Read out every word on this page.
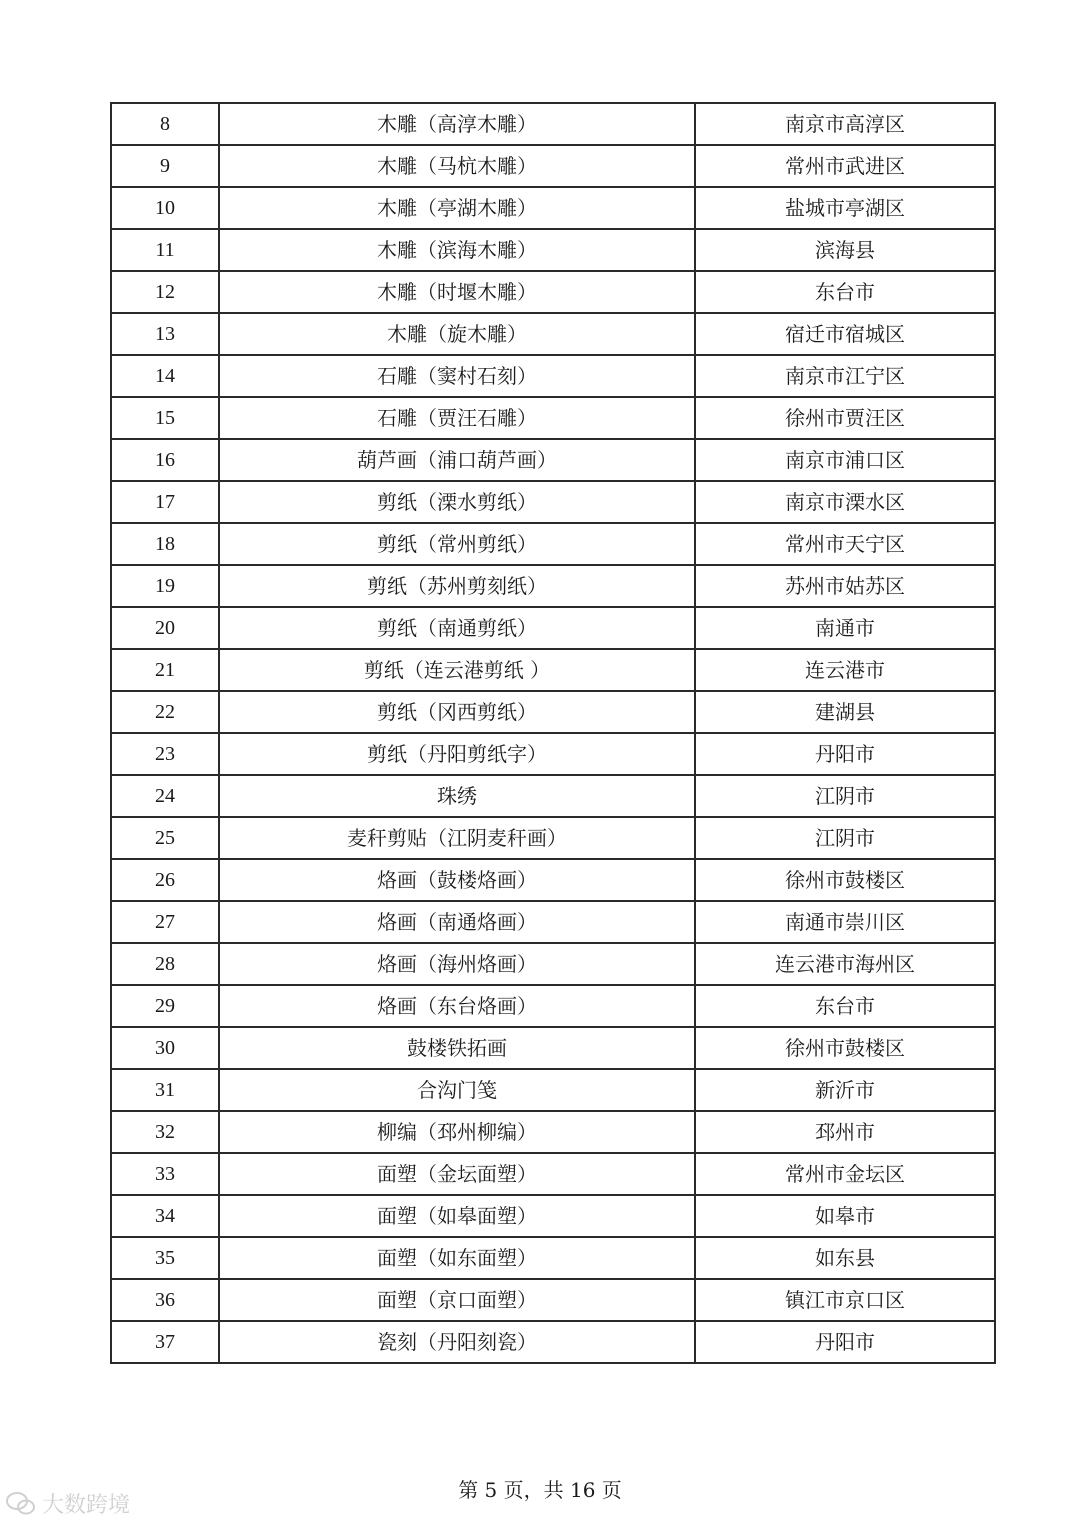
8	木雕（高淳木雕）	南京市高淳区
9	木雕（马杭木雕）	常州市武进区
10	木雕（亭湖木雕）	盐城市亭湖区
11	木雕（滨海木雕）	滨海县
12	木雕（时堰木雕）	东台市
13	木雕（旋木雕）	宿迁市宿城区
14	石雕（窦村石刻）	南京市江宁区
15	石雕（贾汪石雕）	徐州市贾汪区
16	葫芦画（浦口葫芦画）	南京市浦口区
17	剪纸（溧水剪纸）	南京市溧水区
18	剪纸（常州剪纸）	常州市天宁区
19	剪纸（苏州剪刻纸）	苏州市姑苏区
20	剪纸（南通剪纸）	南通市
21	剪纸（连云港剪纸 ）	连云港市
22	剪纸（冈西剪纸）	建湖县
23	剪纸（丹阳剪纸字）	丹阳市
24	珠绣	江阴市
25	麦秆剪贴（江阴麦秆画）	江阴市
26	烙画（鼓楼烙画）	徐州市鼓楼区
27	烙画（南通烙画）	南通市崇川区
28	烙画（海州烙画）	连云港市海州区
29	烙画（东台烙画）	东台市
30	鼓楼铁拓画	徐州市鼓楼区
31	合沟门笺	新沂市
32	柳编（邳州柳编）	邳州市
33	面塑（金坛面塑）	常州市金坛区
34	面塑（如皋面塑）	如皋市
35	面塑（如东面塑）	如东县
36	面塑（京口面塑）	镇江市京口区
37	瓷刻（丹阳刻瓷）	丹阳市
第 5 页，共 16 页
大数跨境
